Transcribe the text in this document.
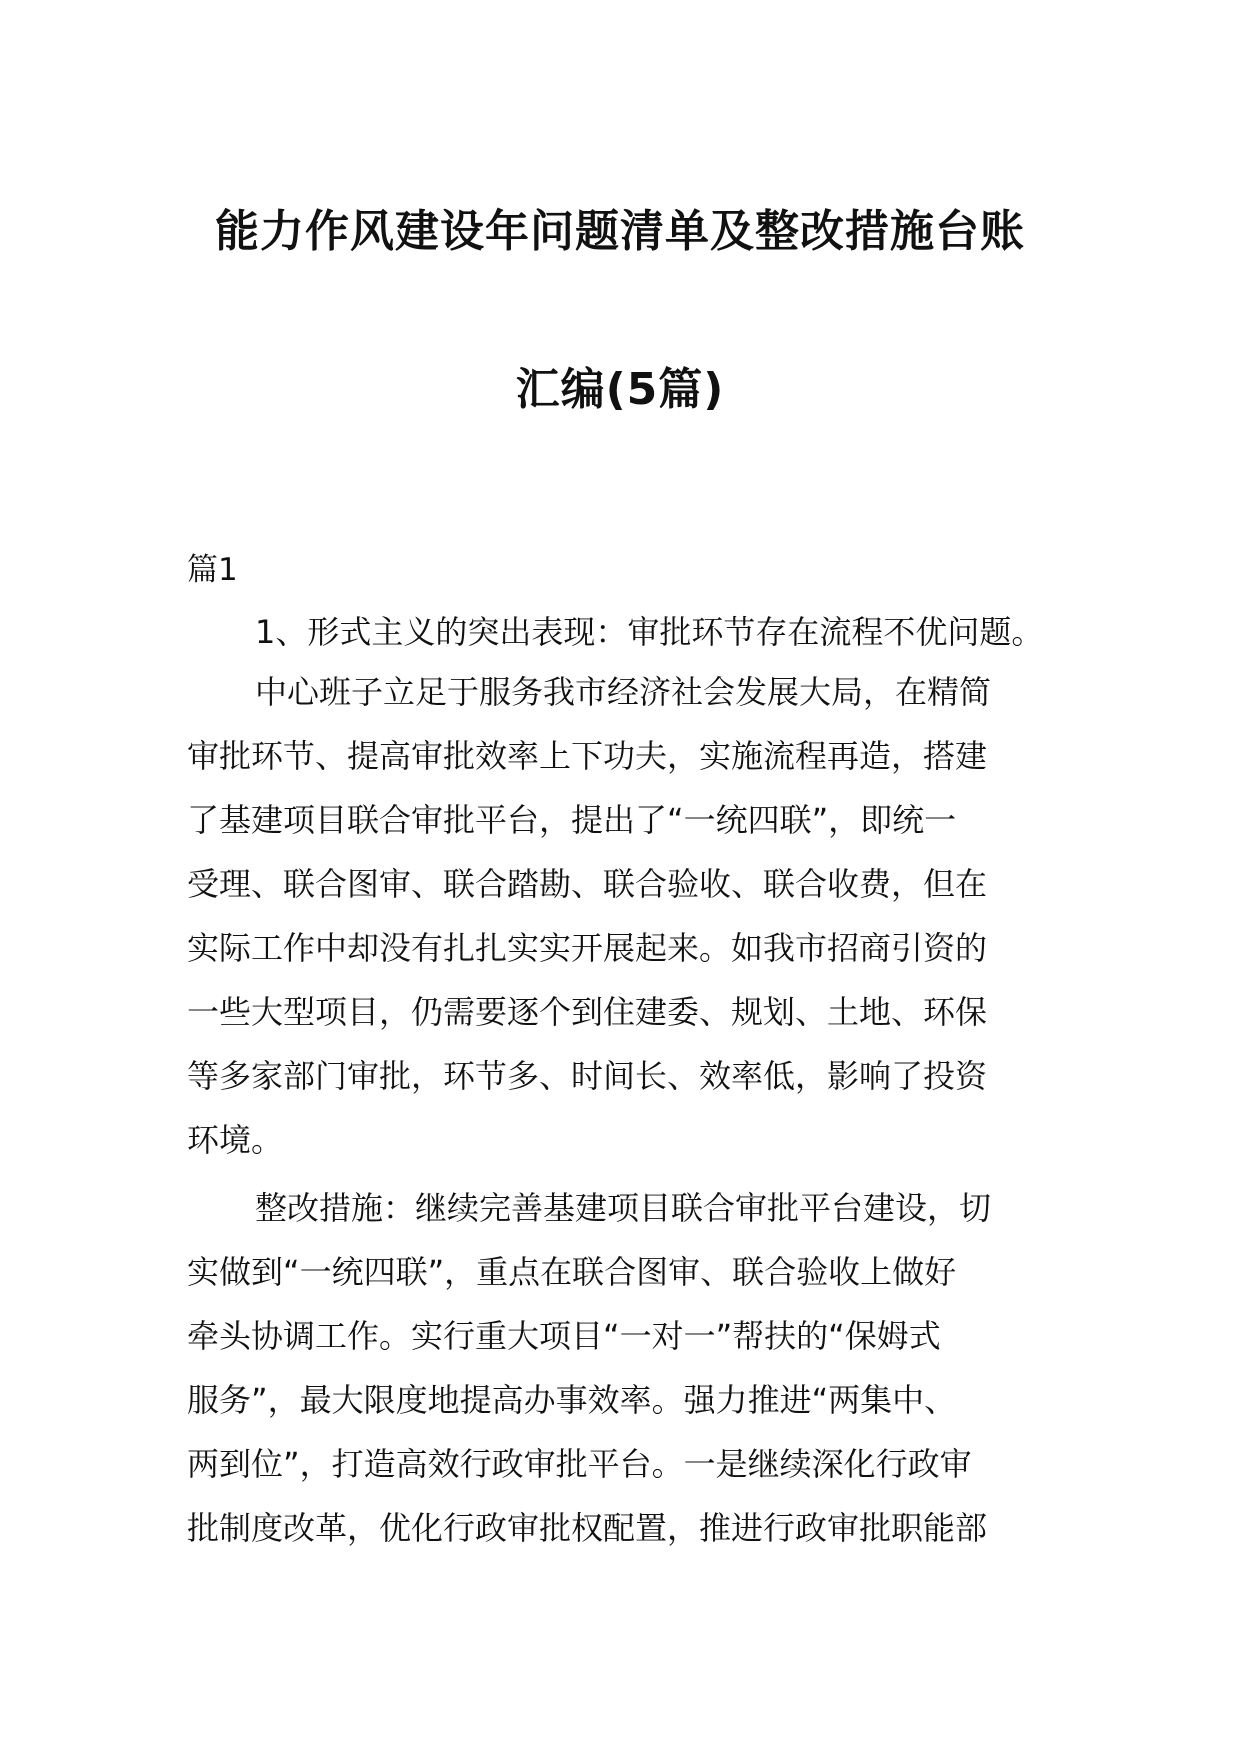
能力作风建设年问题清单及整改措施台账
汇编(5篇)
篇1
1、形式主义的突出表现：审批环节存在流程不优问题。
中心班子立足于服务我市经济社会发展大局，在精简
审批环节、提高审批效率上下功夫，实施流程再造，搭建
了基建项目联合审批平台，提出了“一统四联”，即统一
受理、联合图审、联合踏勘、联合验收、联合收费，但在
实际工作中却没有扎扎实实开展起来。如我市招商引资的
一些大型项目，仍需要逐个到住建委、规划、土地、环保
等多家部门审批，环节多、时间长、效率低，影响了投资
环境。
整改措施：继续完善基建项目联合审批平台建设，切
实做到“一统四联”，重点在联合图审、联合验收上做好
牵头协调工作。实行重大项目“一对一”帮扶的“保姆式
服务”，最大限度地提高办事效率。强力推进“两集中、
两到位”，打造高效行政审批平台。一是继续深化行政审
批制度改革，优化行政审批权配置，推进行政审批职能部
